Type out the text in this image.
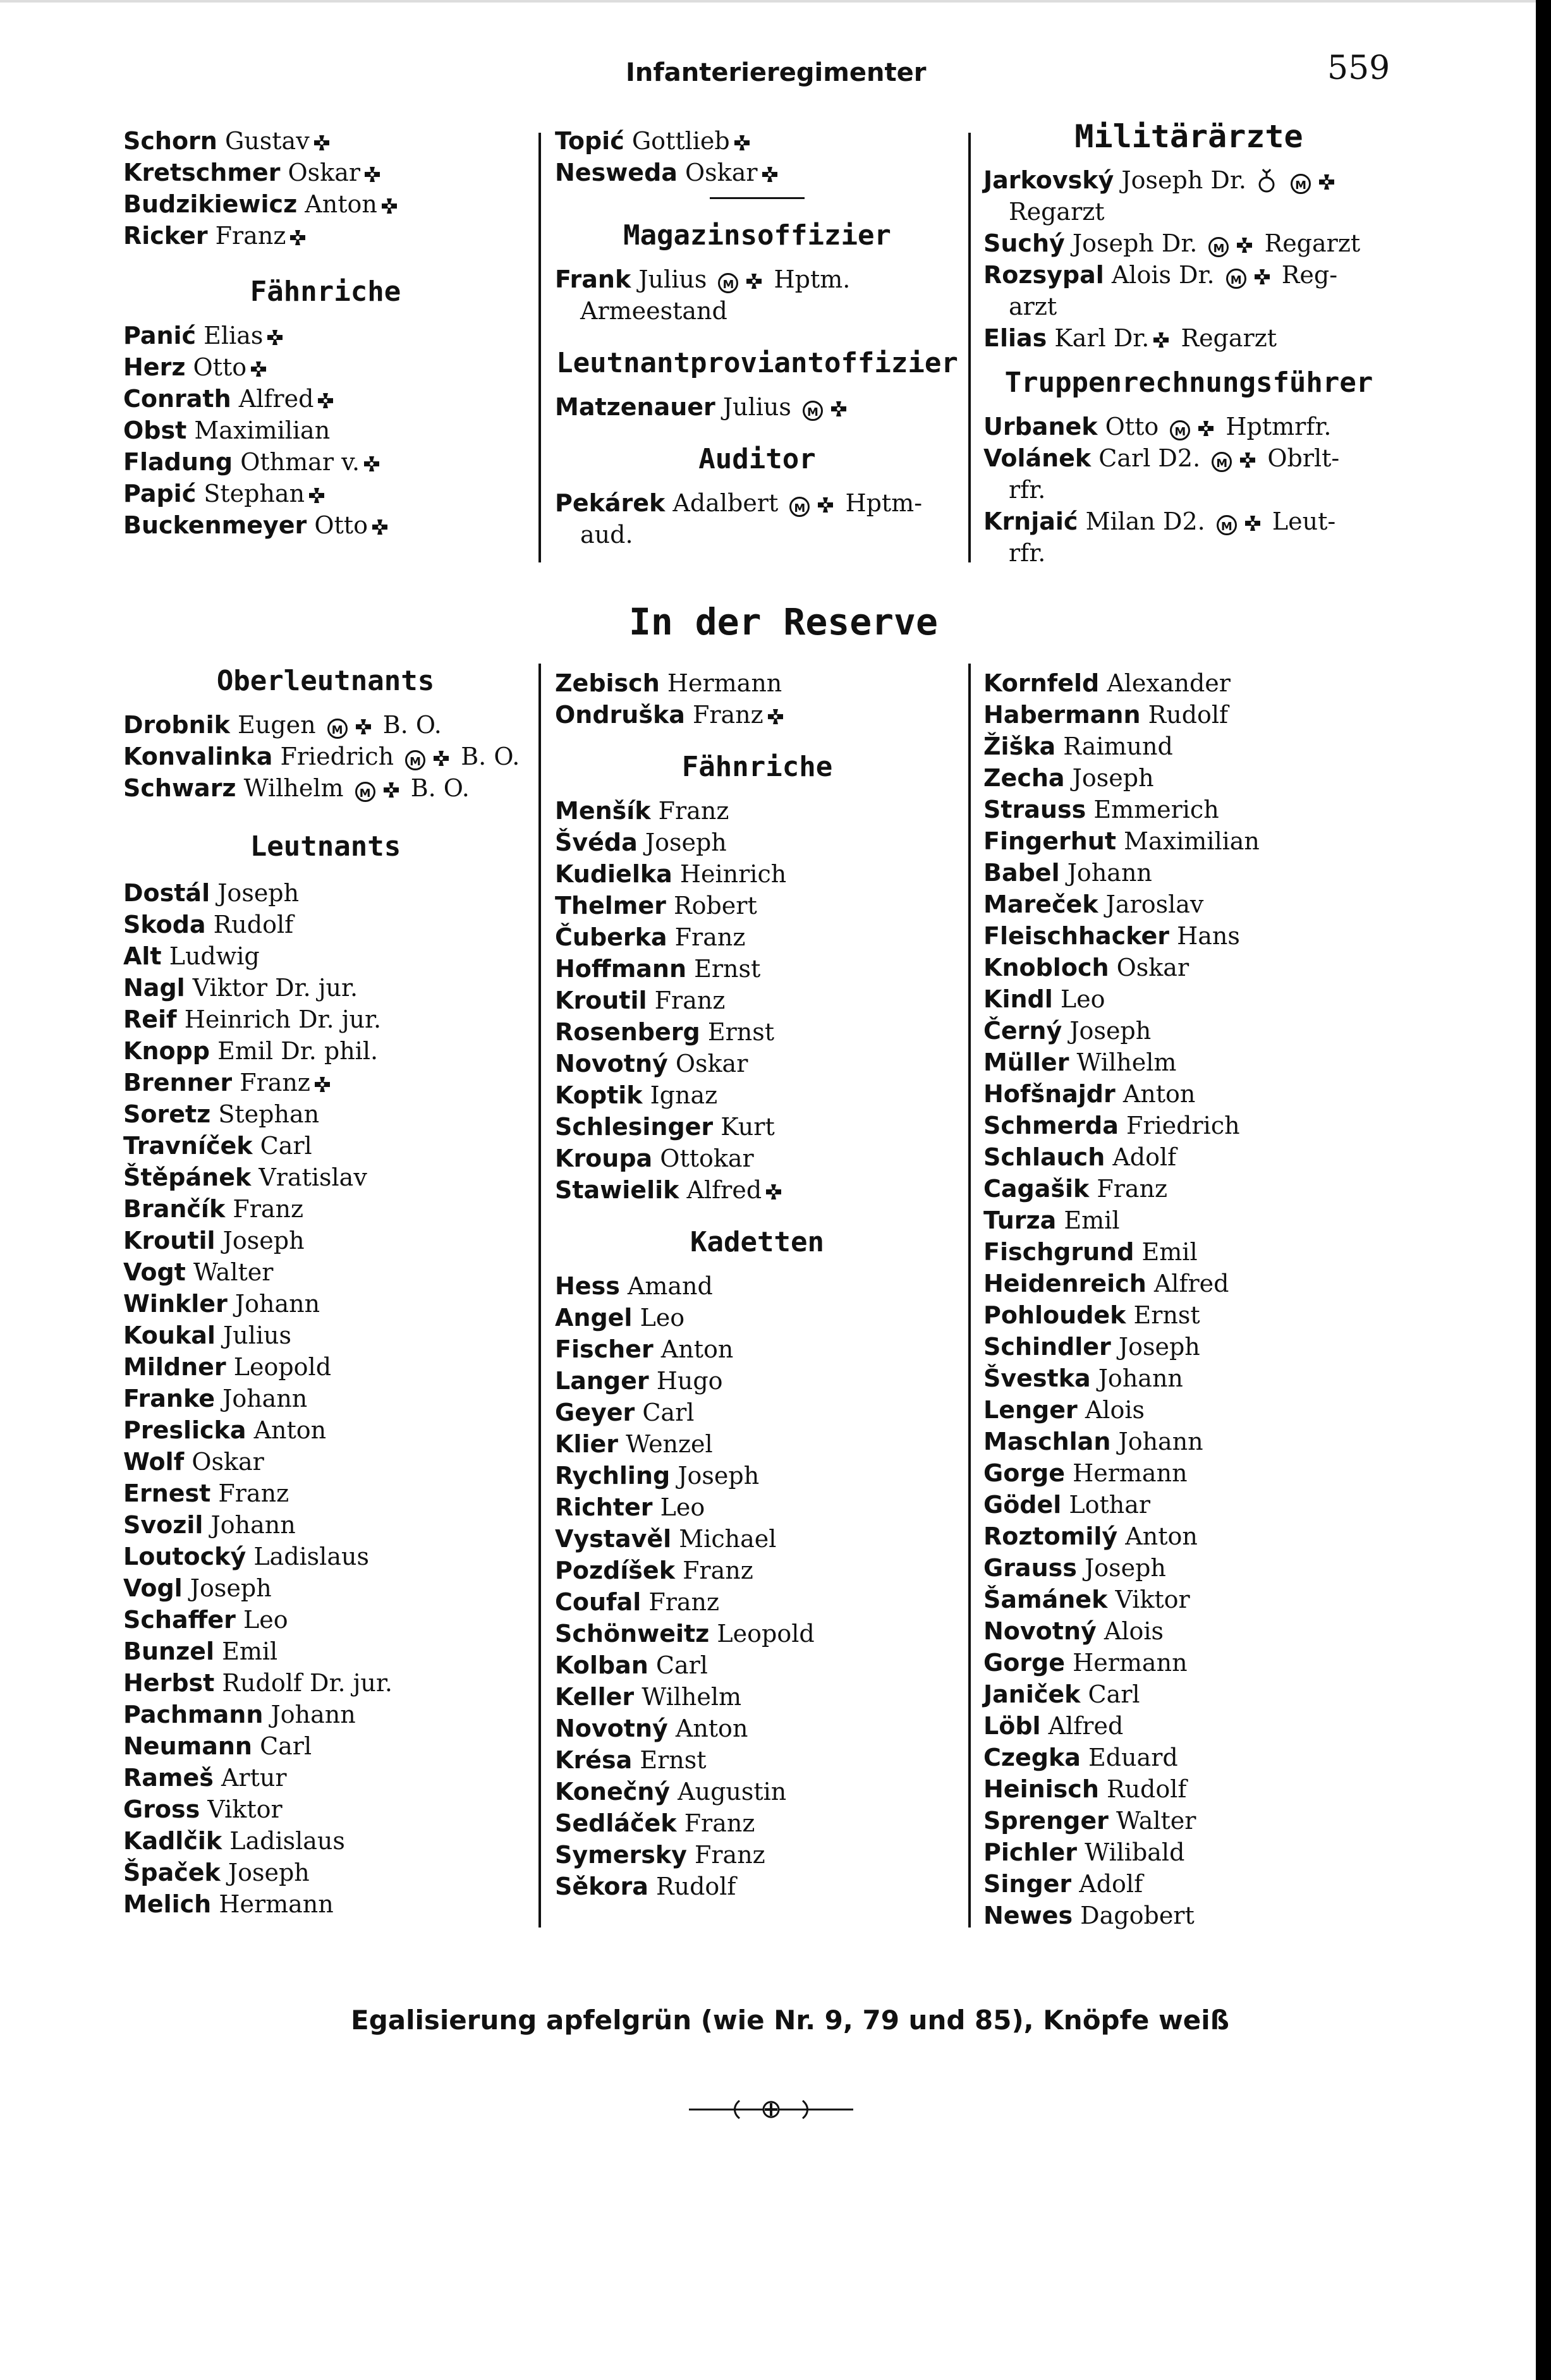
Infanterieregimenter	559
Schorn Gustav
Kretschmer Oskar
Budzikiewicz Anton
Ricker Franz
Fähnriche
Panić Elias
Herz Otto
Conrath Alfred
Obst Maximilian
Fladung Othmar v.
Papić Stephan
Buckenmeyer Otto
In der Reserve
Oberleutnants
Drobnik Eugen M B. O.
Konvalinka Friedrich M B. O.
Schwarz Wilhelm M B. O.
Leutnants
Dostál Joseph
Skoda Rudolf
Alt Ludwig
Nagl Viktor Dr. jur.
Reif Heinrich Dr. jur.
Knopp Emil Dr. phil.
Brenner Franz
Soretz Stephan
Travníček Carl
Štěpánek Vratislav
Brančík Franz
Kroutil Joseph
Vogt Walter
Winkler Johann
Koukal Julius
Mildner Leopold
Franke Johann
Preslicka Anton
Wolf Oskar
Ernest Franz
Svozil Johann
Loutocký Ladislaus
Vogl Joseph
Schaffer Leo
Bunzel Emil
Herbst Rudolf Dr. jur.
Pachmann Johann
Neumann Carl
Rameš Artur
Gross Viktor
Kadlčik Ladislaus
Špaček Joseph
Melich Hermann
Topić Gottlieb
Nesweda Oskar
Magazinsoffizier
Frank Julius M Hptm.
Armeestand
Leutnantproviantoffizier
Matzenauer Julius M
Auditor
Pekárek Adalbert M Hptm-
aud.
Zebisch Hermann
Ondruška Franz
Fähnriche
Menšík Franz
Švéda Joseph
Kudielka Heinrich
Thelmer Robert
Čuberka Franz
Hoffmann Ernst
Kroutil Franz
Rosenberg Ernst
Novotný Oskar
Koptik Ignaz
Schlesinger Kurt
Kroupa Ottokar
Stawielik Alfred
Kadetten
Hess Amand
Angel Leo
Fischer Anton
Langer Hugo
Geyer Carl
Klier Wenzel
Rychling Joseph
Richter Leo
Vystavěl Michael
Pozdíšek Franz
Coufal Franz
Schönweitz Leopold
Kolban Carl
Keller Wilhelm
Novotný Anton
Krésa Ernst
Konečný Augustin
Sedláček Franz
Symersky Franz
Sěkora Rudolf
Militärärzte
Jarkovský Joseph Dr.	M
Regarzt
Suchý Joseph Dr. M Regarzt
Rozsypal Alois Dr. M Reg-
arzt
Elias Karl Dr. Regarzt
Truppenrechnungsführer
Urbanek Otto M Hptmrfr.
Volánek Carl D2. M Obrlt-
rfr.
Krnjaić Milan D2. M Leut-
rfr.
Kornfeld Alexander
Habermann Rudolf
Žiška Raimund
Zecha Joseph
Strauss Emmerich
Fingerhut Maximilian
Babel Johann
Mareček Jaroslav
Fleischhacker Hans
Knobloch Oskar
Kindl Leo
Černý Joseph
Müller Wilhelm
Hofšnajdr Anton
Schmerda Friedrich
Schlauch Adolf
Cagašik Franz
Turza Emil
Fischgrund Emil
Heidenreich Alfred
Pohloudek Ernst
Schindler Joseph
Švestka Johann
Lenger Alois
Maschlan Johann
Gorge Hermann
Gödel Lothar
Roztomilý Anton
Grauss Joseph
Šamánek Viktor
Novotný Alois
Gorge Hermann
Janiček Carl
Löbl Alfred
Czegka Eduard
Heinisch Rudolf
Sprenger Walter
Pichler Wilibald
Singer Adolf
Newes Dagobert
Egalisierung apfelgrün (wie Nr. 9, 79 und 85), Knöpfe weiß
